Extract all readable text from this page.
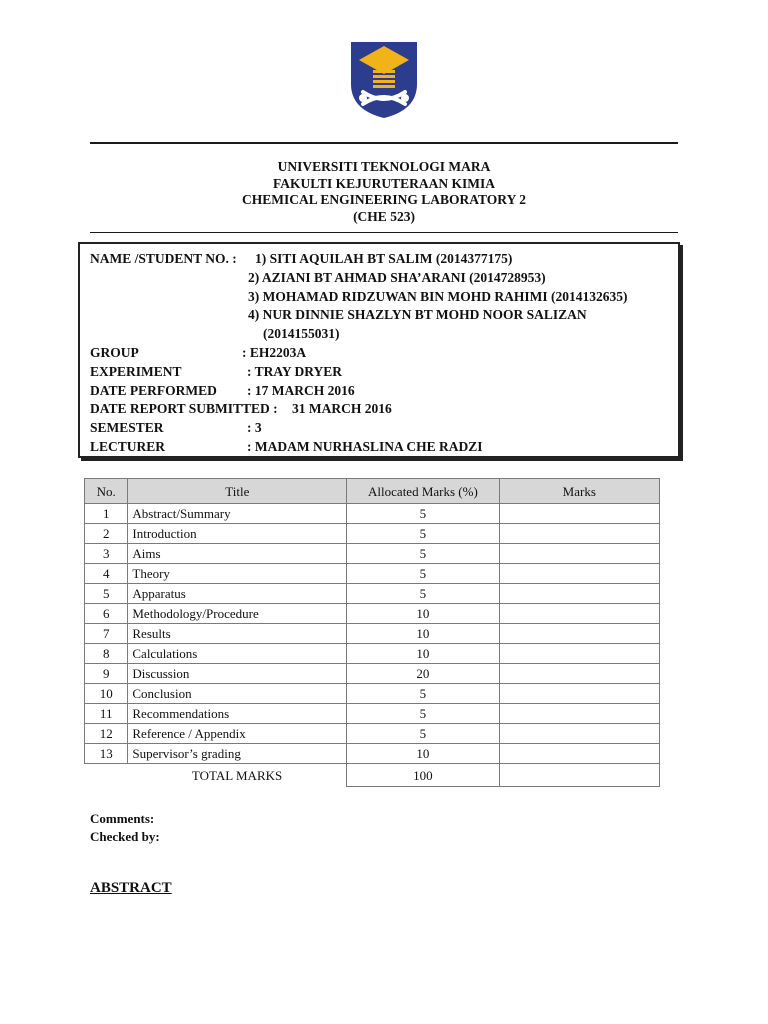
UNIVERSITI TEKNOLOGI MARA
FAKULTI KEJURUTERAAN KIMIA
CHEMICAL ENGINEERING LABORATORY 2
(CHE 523)
NAME /STUDENT NO. : 1) SITI AQUILAH BT SALIM (2014377175)
2) AZIANI BT AHMAD SHA’ARANI (2014728953)
3) MOHAMAD RIDZUWAN BIN MOHD RAHIMI (2014132635)
4) NUR DINNIE SHAZLYN BT MOHD NOOR SALIZAN
(2014155031)
GROUP	: EH2203A
EXPERIMENT	: TRAY DRYER
DATE PERFORMED : 17 MARCH 2016
DATE REPORT SUBMITTED : 31 MARCH 2016
SEMESTER	: 3
LECTURER	: MADAM NURHASLINA CHE RADZI
No.	Title	Allocated Marks (%)	Marks
1	Abstract/Summary	5	
2	Introduction	5	
3	Aims	5	
4	Theory	5	
5	Apparatus	5	
6	Methodology/Procedure	10	
7	Results	10	
8	Calculations	10	
9	Discussion	20	
10	Conclusion	5	
11	Recommendations	5	
12	Reference / Appendix	5	
13	Supervisor’s grading	10	
	TOTAL MARKS	100	
Comments:
Checked by:
ABSTRACT
